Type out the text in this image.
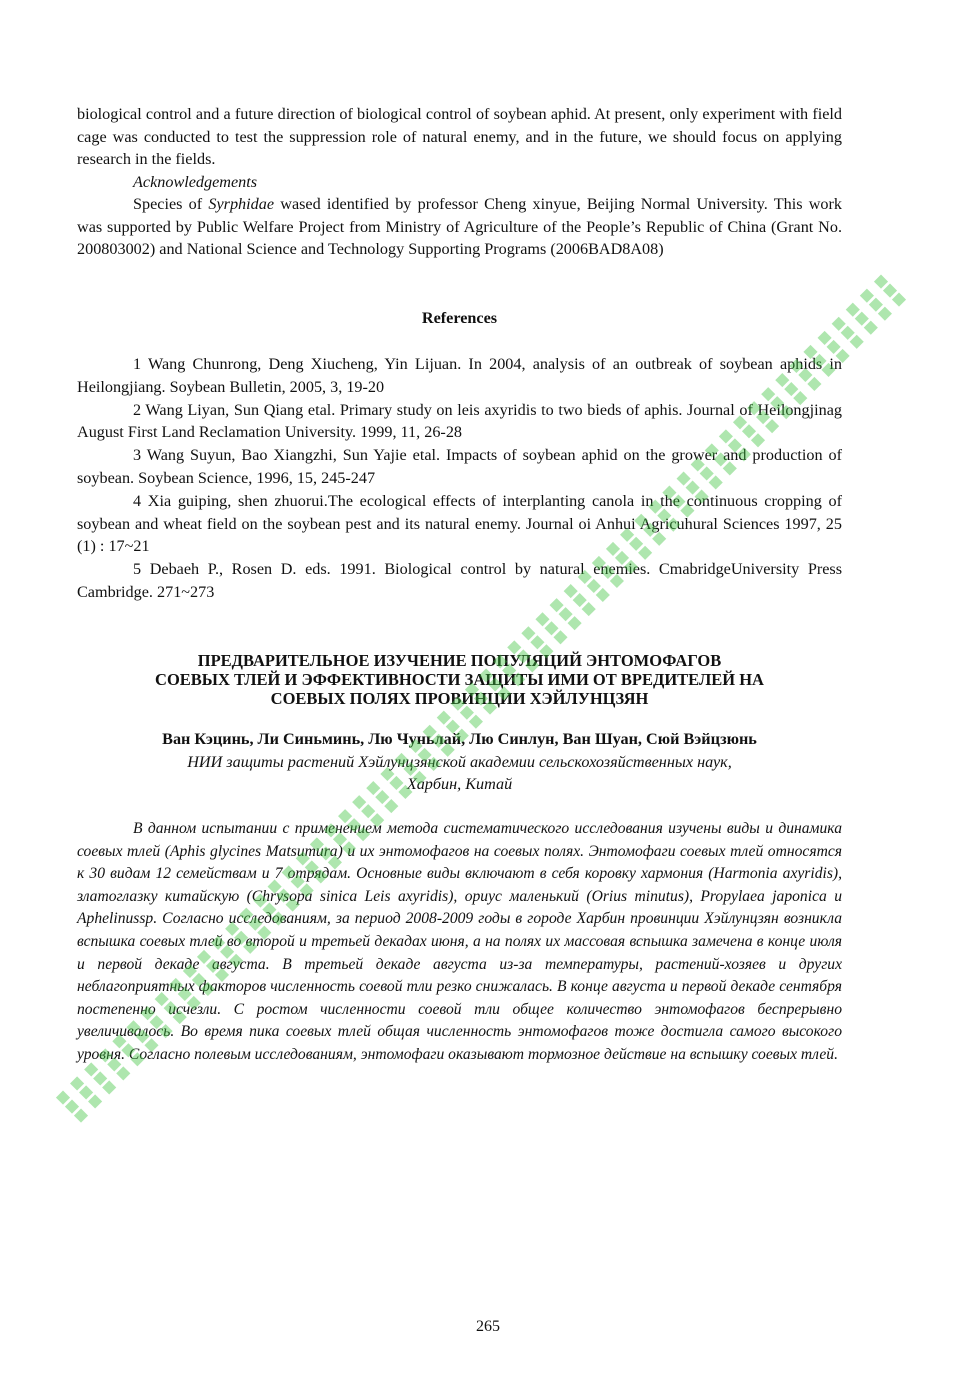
biological control and a future direction of biological control of soybean aphid. At present, only experiment with field cage was conducted to test the suppression role of natural enemy, and in the future, we should focus on applying research in the fields.

Acknowledgements

Species of Syrphidae wased identified by professor Cheng xinyue, Beijing Normal University. This work was supported by Public Welfare Project from Ministry of Agriculture of the People’s Republic of China (Grant No. 200803002) and National Science and Technology Supporting Programs (2006BAD8A08)

References

1 Wang Chunrong, Deng Xiucheng, Yin Lijuan. In 2004, analysis of an outbreak of soybean aphids in Heilongjiang. Soybean Bulletin, 2005, 3, 19-20

2 Wang Liyan, Sun Qiang etal. Primary study on leis axyridis to two bieds of aphis. Journal of Heilongjinag August First Land Reclamation University. 1999, 11, 26-28

3 Wang Suyun, Bao Xiangzhi, Sun Yajie etal. Impacts of soybean aphid on the grower and production of soybean. Soybean Science, 1996, 15, 245-247

4 Xia guiping, shen zhuorui.The ecological effects of interplanting canola in the continuous cropping of soybean and wheat field on the soybean pest and its natural enemy. Journal oi Anhui Agricuhural Sciences 1997, 25 (1) : 17~21

5 Debaeh P., Rosen D. eds. 1991. Biological control by natural enemies. CmabridgeUniversity Press Cambridge. 271~273

ПРЕДВАРИТЕЛЬНОЕ ИЗУЧЕНИЕ ПОПУЛЯЦИЙ ЭНТОМОФАГОВ
СОЕВЫХ ТЛЕЙ И ЭФФЕКТИВНОСТИ ЗАЩИТЫ ИМИ ОТ ВРЕДИТЕЛЕЙ НА
СОЕВЫХ ПОЛЯХ ПРОВИНЦИИ ХЭЙЛУНЦЗЯН
Ван Кэцинь, Ли Синьминь, Лю Чуньлай, Лю Синлун, Ван Шуан, Сюй Вэйцзюнь
НИИ защиты растений Хэйлунцзянской академии сельскохозяйственных наук,
Харбин, Китай

В данном испытании с применением метода систематического исследования изучены виды и динамика соевых тлей (Aphis glycines Matsumura) и их энтомофагов на соевых полях. Энтомофаги соевых тлей относятся к 30 видам 12 семействам и 7 отрядам. Основные виды включают в себя коровку хармония (Harmonia axyridis), златоглазку китайскую (Chrysopa sinica Leis axyridis), ориус маленький (Orius minutus), Propylaea japonica и Aphelinussp. Согласно исследованиям, за период 2008-2009 годы в городе Харбин провинции Хэйлунцзян возникла вспышка соевых тлей во второй и третьей декадах июня, а на полях их массовая вспышка замечена в конце июля и первой декаде августа. В третьей декаде августа из-за температуры, растений-хозяев и других неблагоприятных факторов численность соевой тли резко снижалась. В конце августа и первой декаде сентября постепенно исчезли. С ростом численности соевой тли общее количество энтомофагов беспрерывно увеличивалось. Во время пика соевых тлей общая численность энтомофагов тоже достигла самого высокого уровня. Согласно полевым исследованиям, энтомофаги оказывают тормозное действие на вспышку соевых тлей.

265
